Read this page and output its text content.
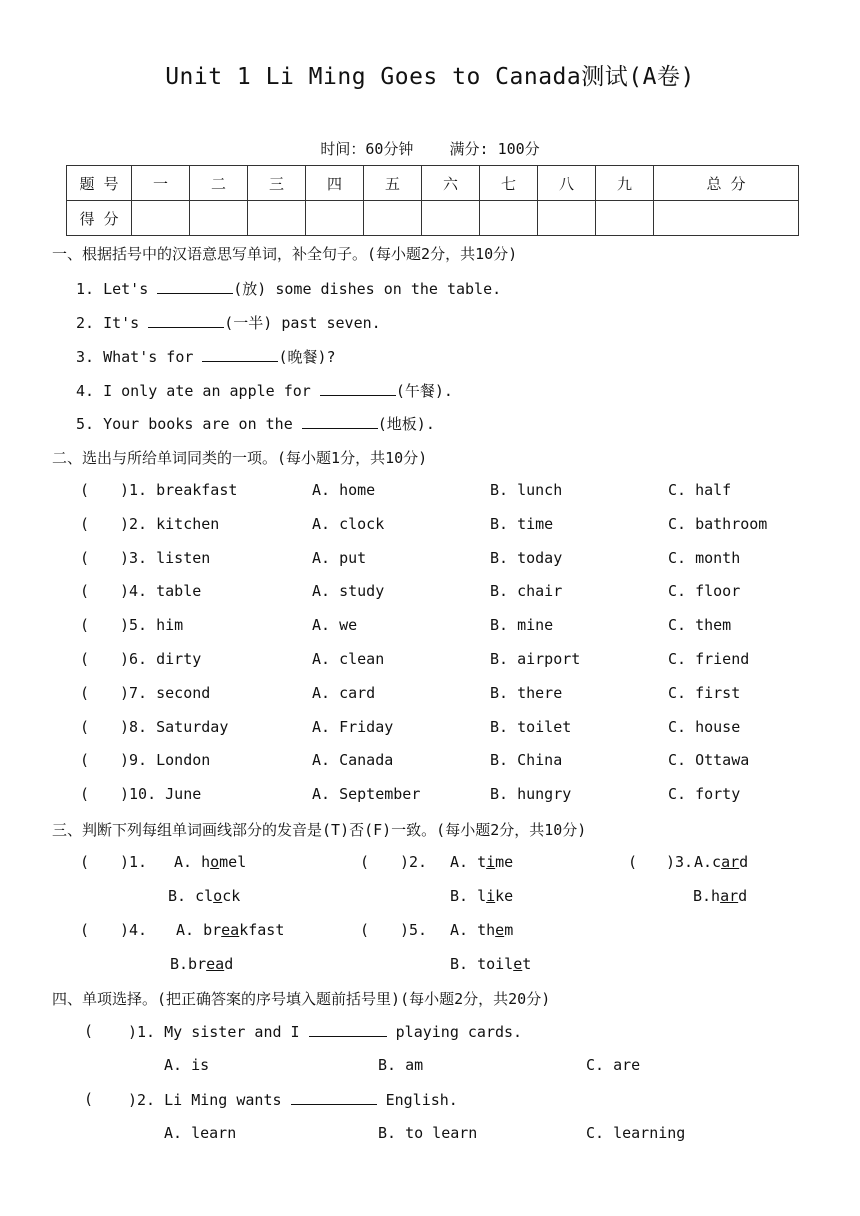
Unit 1 Li Ming Goes to Canada测试(A卷)
时间：60分钟    满分: 100分
题 号	一	二	三	四	五	六	七	八	九	总 分
得 分										
一、根据括号中的汉语意思写单词，补全句子。(每小题2分，共10分)
1. Let's	(放) some dishes on the table.
2. It's	(一半) past seven.
3. What's for	(晚餐)?
4. I only ate an apple for	(午餐).
5. Your books are on the	(地板).
二、选出与所给单词同类的一项。(每小题1分，共10分)
( )1. breakfast	A. home	B. lunch	C. half
( )2. kitchen	A. clock	B. time	C. bathroom
( )3. listen	A. put	B. today	C. month
( )4. table	A. study	B. chair	C. floor
( )5. him	A. we	B. mine	C. them
( )6. dirty	A. clean	B. airport	C. friend
( )7. second	A. card	B. there	C. first
( )8. Saturday	A. Friday	B. toilet	C. house
( )9. London	A. Canada	B. China	C. Ottawa
( )10. June	A. September	B. hungry	C. forty
三、判断下列每组单词画线部分的发音是(T)否(F)一致。(每小题2分，共10分)
( )1. A. homel
B. clock
( )2. A. time
B. like
( )3. A.card
B.hard
( )4. A. breakfast
B.bread
( )5. A. them
B. toilet
四、单项选择。(把正确答案的序号填入题前括号里)(每小题2分，共20分)
( )1. My sister and I	playing cards.
A. is	B. am	C. are
( )2. Li Ming wants	English.
A. learn	B. to learn	C. learning
